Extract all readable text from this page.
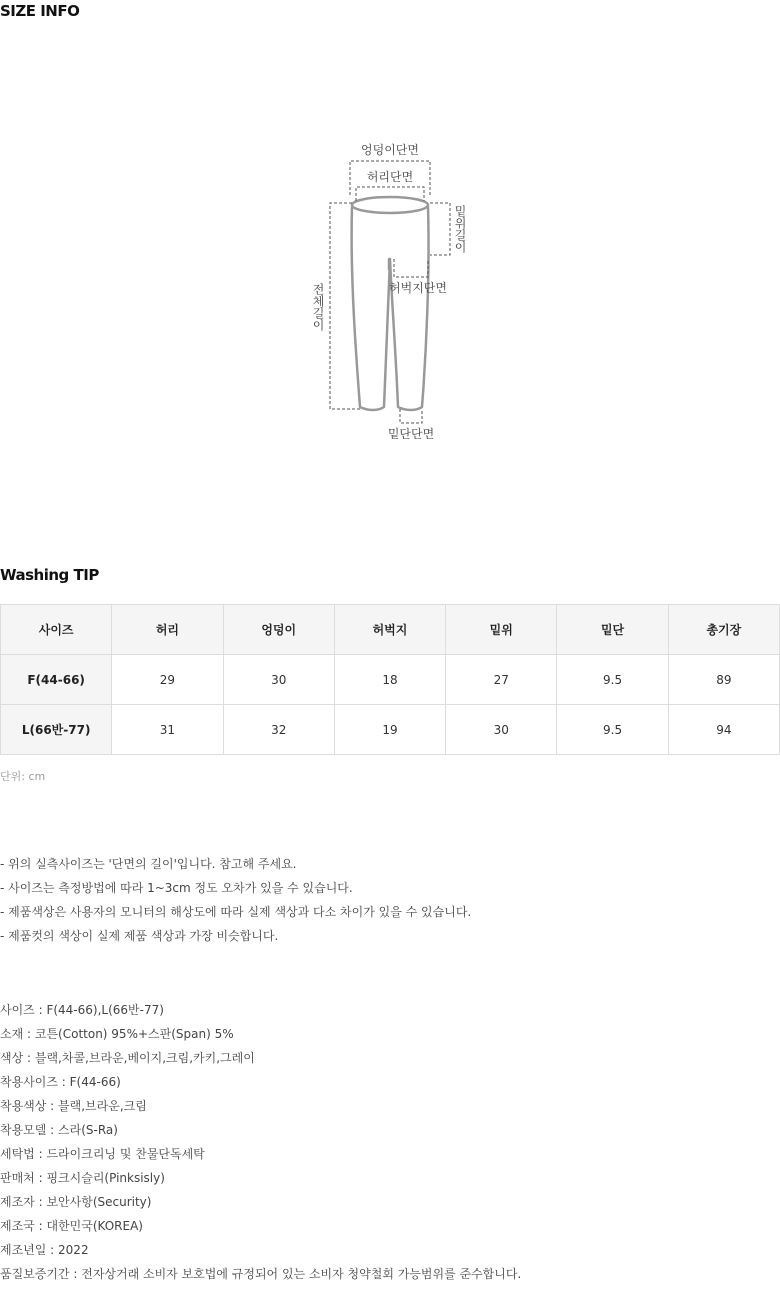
SIZE INFO
엉덩이단면
허리단면
밑위길이
전체길이	허벅지단면
밑단단면
Washing TIP
사이즈	허리	엉덩이	허벅지	밑위	밑단	총기장
F(44-66)	29	30	18	27	9.5	89
L(66반-77)	31	32	19	30	9.5	94
단위: cm
- 위의 실측사이즈는 '단면의 길이'입니다. 참고해 주세요.
- 사이즈는 측정방법에 따라 1~3cm 정도 오차가 있을 수 있습니다.
- 제품색상은 사용자의 모니터의 해상도에 따라 실제 색상과 다소 차이가 있을 수 있습니다.
- 제품컷의 색상이 실제 제품 색상과 가장 비슷합니다.
사이즈 : F(44-66),L(66반-77)
소재 : 코튼(Cotton) 95%+스판(Span) 5%
색상 : 블랙,차콜,브라운,베이지,크림,카키,그레이
착용사이즈 : F(44-66)
착용색상 : 블랙,브라운,크림
착용모델 : 스라(S-Ra)
세탁법 : 드라이크리닝 및 찬물단독세탁
판매처 : 핑크시슬리(Pinksisly)
제조자 : 보안사항(Security)
제조국 : 대한민국(KOREA)
제조년일 : 2022
품질보증기간 : 전자상거래 소비자 보호법에 규정되어 있는 소비자 청약철회 가능범위를 준수합니다.
